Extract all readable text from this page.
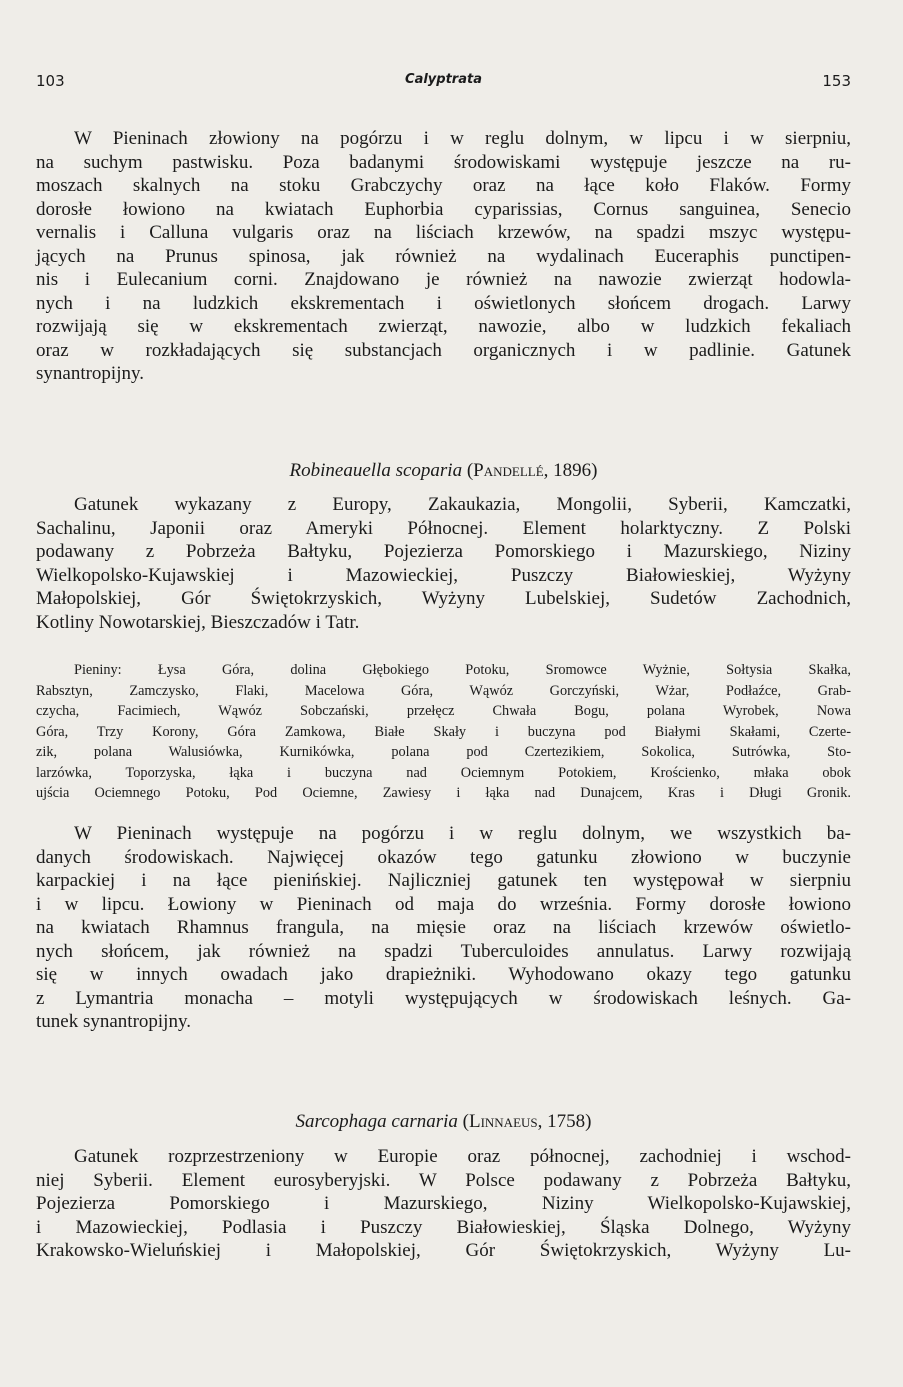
103	Calyptrata	153
W Pieninach złowiony na pogórzu i w reglu dolnym, w lipcu i w sierpniu,
na suchym pastwisku. Poza badanymi środowiskami występuje jeszcze na ru-
moszach skalnych na stoku Grabczychy oraz na łące koło Flaków. Formy
dorosłe łowiono na kwiatach Euphorbia cyparissias, Cornus sanguinea, Senecio
vernalis i Calluna vulgaris oraz na liściach krzewów, na spadzi mszyc występu-
jących na Prunus spinosa, jak również na wydalinach Euceraphis punctipen-
nis i Eulecanium corni. Znajdowano je również na nawozie zwierząt hodowla-
nych i na ludzkich ekskrementach i oświetlonych słońcem drogach. Larwy
rozwijają się w ekskrementach zwierząt, nawozie, albo w ludzkich fekaliach
oraz w rozkładających się substancjach organicznych i w padlinie. Gatunek
synantropijny.
Robineauella scoparia (Pandellé, 1896)
Gatunek wykazany z Europy, Zakaukazia, Mongolii, Syberii, Kamczatki,
Sachalinu, Japonii oraz Ameryki Północnej. Element holarktyczny. Z Polski
podawany z Pobrzeża Bałtyku, Pojezierza Pomorskiego i Mazurskiego, Niziny
Wielkopolsko-Kujawskiej i Mazowieckiej, Puszczy Białowieskiej, Wyżyny
Małopolskiej, Gór Świętokrzyskich, Wyżyny Lubelskiej, Sudetów Zachodnich,
Kotliny Nowotarskiej, Bieszczadów i Tatr.
Pieniny: Łysa Góra, dolina Głębokiego Potoku, Sromowce Wyżnie, Sołtysia Skałka,
Rabsztyn, Zamczysko, Flaki, Macelowa Góra, Wąwóz Gorczyński, Wżar, Podłaźce, Grab-
czycha, Facimiech, Wąwóz Sobczański, przełęcz Chwała Bogu, polana Wyrobek, Nowa
Góra, Trzy Korony, Góra Zamkowa, Białe Skały i buczyna pod Białymi Skałami, Czerte-
zik, polana Walusiówka, Kurnikówka, polana pod Czertezikiem, Sokolica, Sutrówka, Sto-
larzówka, Toporzyska, łąka i buczyna nad Ociemnym Potokiem, Krościenko, młaka obok
ujścia Ociemnego Potoku, Pod Ociemne, Zawiesy i łąka nad Dunajcem, Kras i Długi Gronik.
W Pieninach występuje na pogórzu i w reglu dolnym, we wszystkich ba-
danych środowiskach. Najwięcej okazów tego gatunku złowiono w buczynie
karpackiej i na łące pienińskiej. Najliczniej gatunek ten występował w sierpniu
i w lipcu. Łowiony w Pieninach od maja do września. Formy dorosłe łowiono
na kwiatach Rhamnus frangula, na mięsie oraz na liściach krzewów oświetlo-
nych słońcem, jak również na spadzi Tuberculoides annulatus. Larwy rozwijają
się w innych owadach jako drapieżniki. Wyhodowano okazy tego gatunku
z Lymantria monacha – motyli występujących w środowiskach leśnych. Ga-
tunek synantropijny.
Sarcophaga carnaria (Linnaeus, 1758)
Gatunek rozprzestrzeniony w Europie oraz północnej, zachodniej i wschod-
niej Syberii. Element eurosyberyjski. W Polsce podawany z Pobrzeża Bałtyku,
Pojezierza Pomorskiego i Mazurskiego, Niziny Wielkopolsko-Kujawskiej,
i Mazowieckiej, Podlasia i Puszczy Białowieskiej, Śląska Dolnego, Wyżyny
Krakowsko-Wieluńskiej i Małopolskiej, Gór Świętokrzyskich, Wyżyny Lu-
